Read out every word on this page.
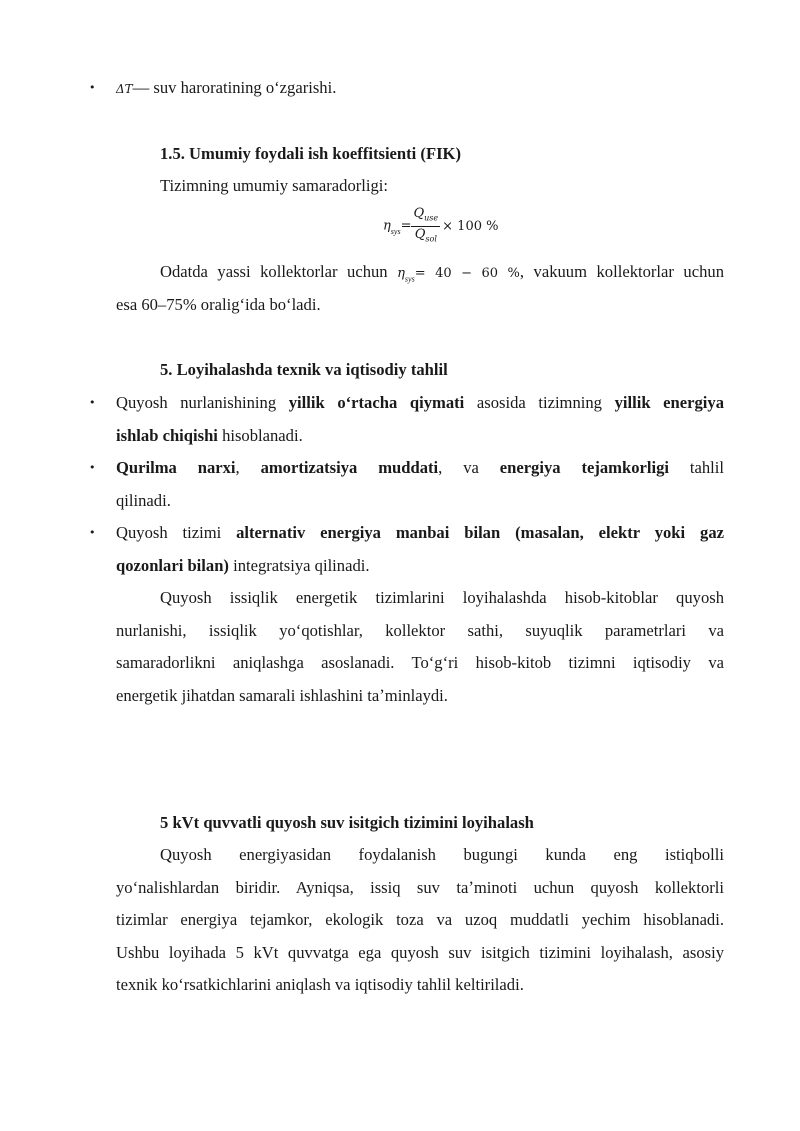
• ΔT— suv haroratining oʻzgarishi.
1.5. Umumiy foydali ish koeffitsienti (FIK)
Tizimning umumiy samaradorligi:
$\eta_{sys}= \frac{Q_{use}}{Q_{sol}} \times 100$ %
Odatda yassi kollektorlar uchun $\eta_{sys}= 40 - 60$ %, vakuum kollektorlar uchun
esa 60–75% oraligʻida boʻladi.
5. Loyihalashda texnik va iqtisodiy tahlil
• Quyosh nurlanishining yillik oʻrtacha qiymati asosida tizimning yillik energiya
ishlab chiqishi hisoblanadi.
• Qurilma narxi, amortizatsiya muddati, va energiya tejamkorligi tahlil
qilinadi.
• Quyosh tizimi alternativ energiya manbai bilan (masalan, elektr yoki gaz
qozonlari bilan) integratsiya qilinadi.
Quyosh issiqlik energetik tizimlarini loyihalashda hisob-kitoblar quyosh
nurlanishi, issiqlik yoʻqotishlar, kollektor sathi, suyuqlik parametrlari va
samaradorlikni aniqlashga asoslanadi. Toʻgʻri hisob-kitob tizimni iqtisodiy va
energetik jihatdan samarali ishlashini taʼminlaydi.
5 kVt quvvatli quyosh suv isitgich tizimini loyihalash
Quyosh energiyasidan foydalanish bugungi kunda eng istiqbolli
yoʻnalishlardan biridir. Ayniqsa, issiq suv taʼminoti uchun quyosh kollektorli
tizimlar energiya tejamkor, ekologik toza va uzoq muddatli yechim hisoblanadi.
Ushbu loyihada 5 kVt quvvatga ega quyosh suv isitgich tizimini loyihalash, asosiy
texnik koʻrsatkichlarini aniqlash va iqtisodiy tahlil keltiriladi.
